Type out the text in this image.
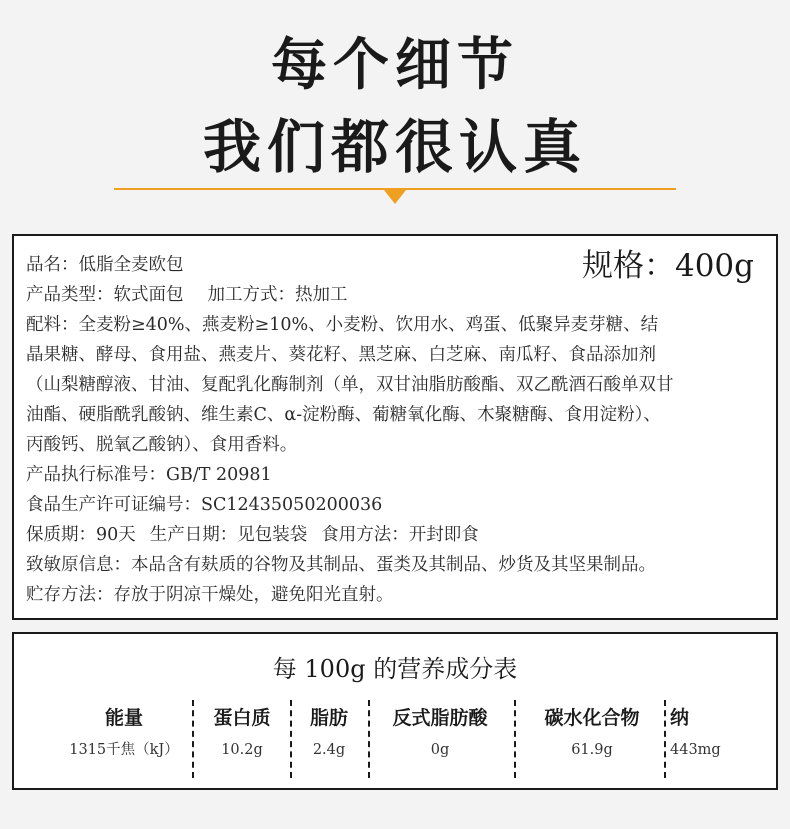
每个细节
我们都很认真
规格：400g

品名：低脂全麦欧包

产品类型：软式面包 加工方式：热加工

配料：全麦粉≥40%、燕麦粉≥10%、小麦粉、饮用水、鸡蛋、低聚异麦芽糖、结

晶果糖、酵母、食用盐、燕麦片、葵花籽、黑芝麻、白芝麻、南瓜籽、食品添加剂

（山梨糖醇液、甘油、复配乳化酶制剂（单，双甘油脂肪酸酯、双乙酰酒石酸单双甘

油酯、硬脂酰乳酸钠、维生素C、α-淀粉酶、葡糖氧化酶、木聚糖酶、食用淀粉）、

丙酸钙、脱氧乙酸钠）、食用香料。

产品执行标准号：GB/T 20981

食品生产许可证编号：SC12435050200036

保质期：90天 生产日期：见包装袋 食用方法：开封即食

致敏原信息：本品含有麸质的谷物及其制品、蛋类及其制品、炒货及其坚果制品。

贮存方法：存放于阴凉干燥处，避免阳光直射。

每 100g 的营养成分表
能量
1315千焦（kJ）
蛋白质
10.2g
脂肪
2.4g
反式脂肪酸
0g
碳水化合物
61.9g
纳
443mg
